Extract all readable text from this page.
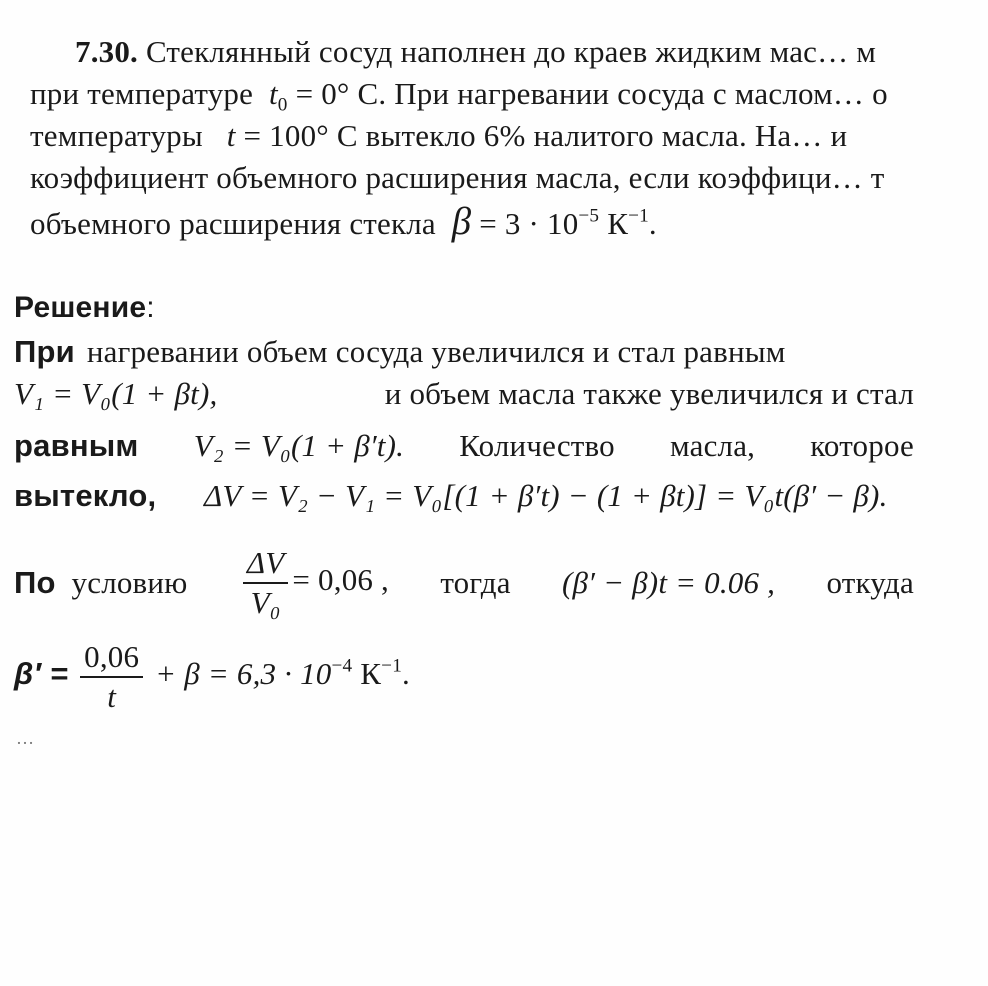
7.30. Стеклянный сосуд наполнен до краев жидким мас… м
при температуре $t_0 = 0^\circ$ С. При нагревании сосуда с маслом… о
температуры t = 100° С вытекло 6% налитого масла. На… и
коэффициент объемного расширения масла, если коэффици… т
объемного расширения стекла $\beta = 3 \cdot 10^{-5}$ $К^{-1}$.
Решение:
При нагревании объем сосуда увеличился и стал равным
V₁ = V₀(1 + βt),	и объем масла также увеличился и стал
равным V₂ = V₀(1 + β′t). Количество масла, которое
вытекло, ΔV = V₂ − V₁ = V₀[(1 + β′t) − (1 + βt)] = V₀t(β′ − β).
По условию $\frac{\Delta V}{\text{V₀}} = 0,06$ , тогда (β′ − β)t = 0.06 , откуда
$\beta' = \frac{0,06}{t} + \beta = 6,3 \cdot 10^{-4}$ $К^{-1}$.
…
